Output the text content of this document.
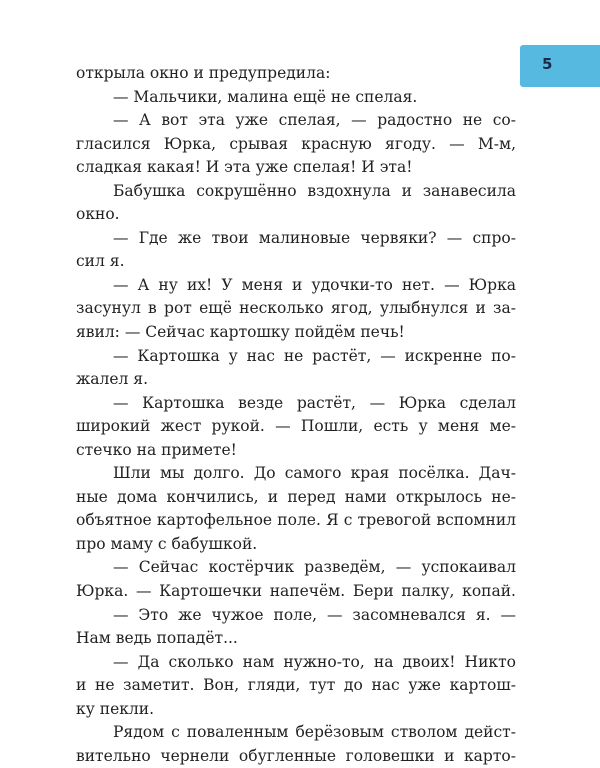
5
открыла окно и предупредила:
— Мальчики, малина ещё не спелая.
— А вот эта уже спелая, — радостно не со-
гласился Юрка, срывая красную ягоду. — М-м,
сладкая какая! И эта уже спелая! И эта!
Бабушка сокрушённо вздохнула и занавесила
окно.
— Где же твои малиновые червяки? — спро-
сил я.
— А ну их! У меня и удочки-то нет. — Юрка
засунул в рот ещё несколько ягод, улыбнулся и за-
явил: — Сейчас картошку пойдём печь!
— Картошка у нас не растёт, — искренне по-
жалел я.
— Картошка везде растёт, — Юрка сделал
широкий жест рукой. — Пошли, есть у меня ме-
стечко на примете!
Шли мы долго. До самого края посёлка. Дач-
ные дома кончились, и перед нами открылось не-
объятное картофельное поле. Я с тревогой вспомнил
про маму с бабушкой.
— Сейчас костёрчик разведём, — успокаивал
Юрка. — Картошечки напечём. Бери палку, копай.
— Это же чужое поле, — засомневался я. —
Нам ведь попадёт...
— Да сколько нам нужно-то, на двоих! Никто
и не заметит. Вон, гляди, тут до нас уже картош-
ку пекли.
Рядом с поваленным берёзовым стволом дейст-
вительно чернели обугленные головешки и карто-
